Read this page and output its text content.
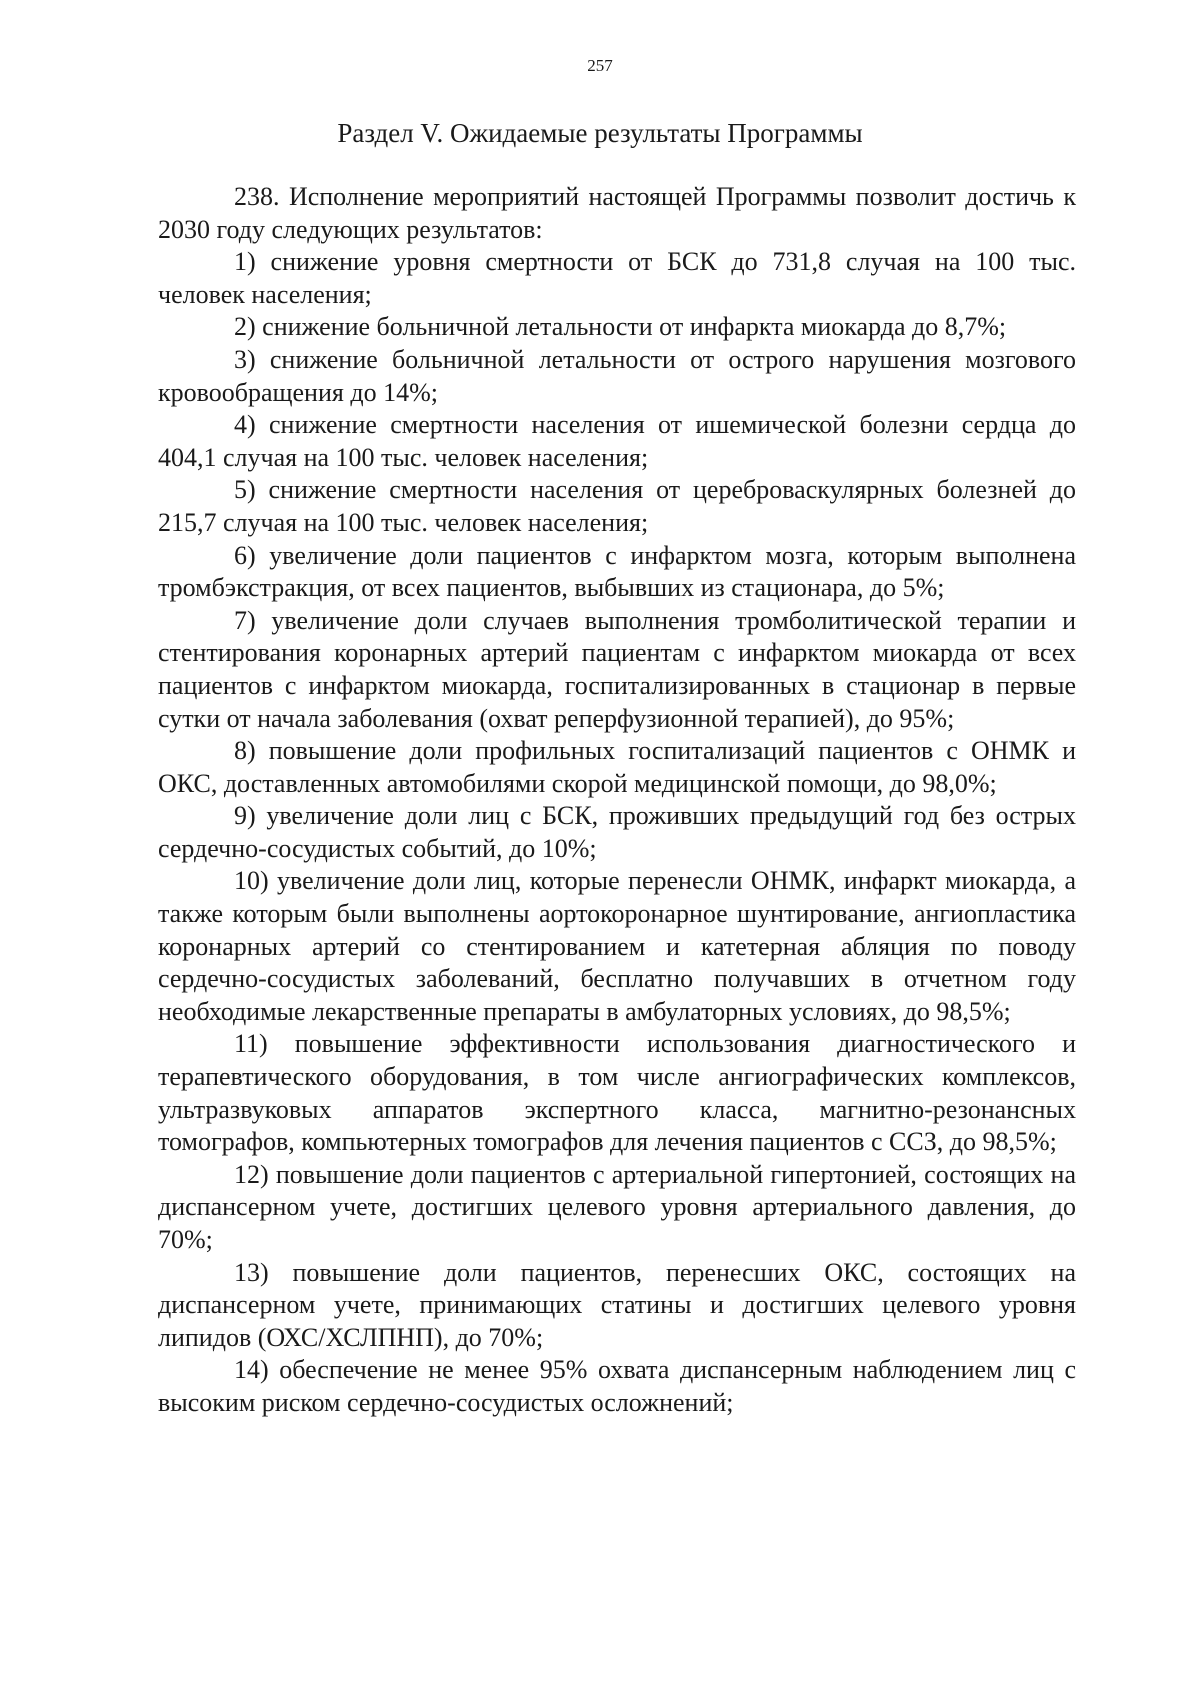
257
Раздел V. Ожидаемые результаты Программы

238. Исполнение мероприятий настоящей Программы позволит достичь к 2030 году следующих результатов:

1) снижение уровня смертности от БСК до 731,8 случая на 100 тыс. человек населения;

2) снижение больничной летальности от инфаркта миокарда до 8,7%;

3) снижение больничной летальности от острого нарушения мозгового кровообращения до 14%;

4) снижение смертности населения от ишемической болезни сердца до 404,1 случая на 100 тыс. человек населения;

5) снижение смертности населения от цереброваскулярных болезней до 215,7 случая на 100 тыс. человек населения;

6) увеличение доли пациентов с инфарктом мозга, которым выполнена тромбэкстракция, от всех пациентов, выбывших из стационара, до 5%;

7) увеличение доли случаев выполнения тромболитической терапии и стентирования коронарных артерий пациентам с инфарктом миокарда от всех пациентов с инфарктом миокарда, госпитализированных в стационар в первые сутки от начала заболевания (охват реперфузионной терапией), до 95%;

8) повышение доли профильных госпитализаций пациентов с ОНМК и ОКС, доставленных автомобилями скорой медицинской помощи, до 98,0%;

9) увеличение доли лиц с БСК, проживших предыдущий год без острых сердечно-сосудистых событий, до 10%;

10) увеличение доли лиц, которые перенесли ОНМК, инфаркт миокарда, а также которым были выполнены аортокоронарное шунтирование, ангиопластика коронарных артерий со стентированием и катетерная абляция по поводу сердечно-сосудистых заболеваний, бесплатно получавших в отчетном году необходимые лекарственные препараты в амбулаторных условиях, до 98,5%;

11) повышение эффективности использования диагностического и терапевтического оборудования, в том числе ангиографических комплексов, ультразвуковых аппаратов экспертного класса, магнитно-резонансных томографов, компьютерных томографов для лечения пациентов с ССЗ, до 98,5%;

12) повышение доли пациентов с артериальной гипертонией, состоящих на диспансерном учете, достигших целевого уровня артериального давления, до 70%;

13) повышение доли пациентов, перенесших ОКС, состоящих на диспансерном учете, принимающих статины и достигших целевого уровня липидов (ОХС/ХСЛПНП), до 70%;

14) обеспечение не менее 95% охвата диспансерным наблюдением лиц с высоким риском сердечно-сосудистых осложнений;
